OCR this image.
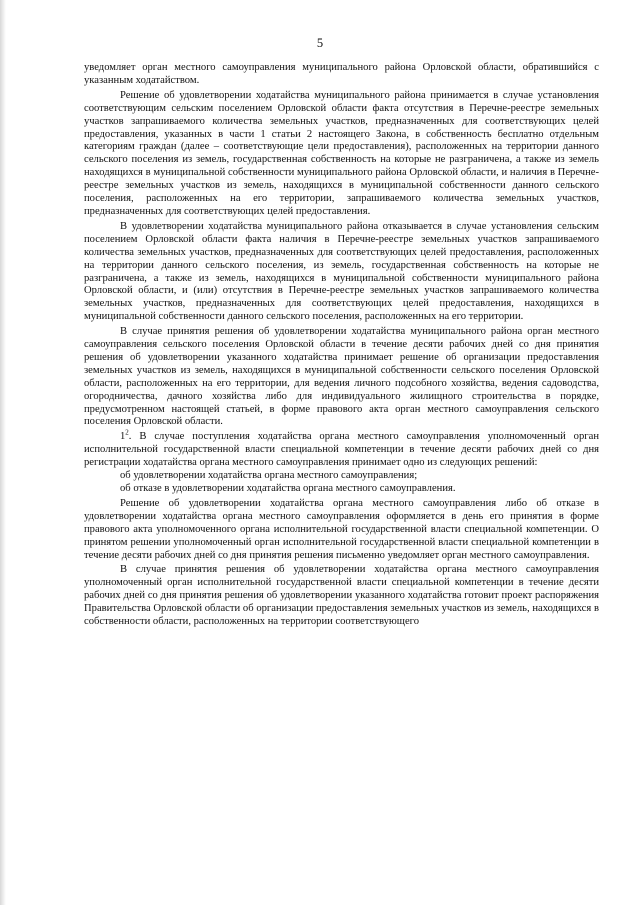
5

уведомляет орган местного самоуправления муниципального района Орловской области, обратившийся с указанным ходатайством.

Решение об удовлетворении ходатайства муниципального района принимается в случае установления соответствующим сельским поселением Орловской области факта отсутствия в Перечне-реестре земельных участков запрашиваемого количества земельных участков, предназначенных для соответствующих целей предоставления, указанных в части 1 статьи 2 настоящего Закона, в собственность бесплатно отдельным категориям граждан (далее – соответствующие цели предоставления), расположенных на территории данного сельского поселения из земель, государственная собственность на которые не разграничена, а также из земель находящихся в муниципальной собственности муниципального района Орловской области, и наличия в Перечне-реестре земельных участков из земель, находящихся в муниципальной собственности данного сельского поселения, расположенных на его территории, запрашиваемого количества земельных участков, предназначенных для соответствующих целей предоставления.

В удовлетворении ходатайства муниципального района отказывается в случае установления сельским поселением Орловской области факта наличия в Перечне-реестре земельных участков запрашиваемого количества земельных участков, предназначенных для соответствующих целей предоставления, расположенных на территории данного сельского поселения, из земель, государственная собственность на которые не разграничена, а также из земель, находящихся в муниципальной собственности муниципального района Орловской области, и (или) отсутствия в Перечне-реестре земельных участков запрашиваемого количества земельных участков, предназначенных для соответствующих целей предоставления, находящихся в муниципальной собственности данного сельского поселения, расположенных на его территории.

В случае принятия решения об удовлетворении ходатайства муниципального района орган местного самоуправления сельского поселения Орловской области в течение десяти рабочих дней со дня принятия решения об удовлетворении указанного ходатайства принимает решение об организации предоставления земельных участков из земель, находящихся в муниципальной собственности сельского поселения Орловской области, расположенных на его территории, для ведения личного подсобного хозяйства, ведения садоводства, огородничества, дачного хозяйства либо для индивидуального жилищного строительства в порядке, предусмотренном настоящей статьей, в форме правового акта орган местного самоуправления сельского поселения Орловской области.

$1^2$. В случае поступления ходатайства органа местного самоуправления уполномоченный орган исполнительной государственной власти специальной компетенции в течение десяти рабочих дней со дня регистрации ходатайства органа местного самоуправления принимает одно из следующих решений:

об удовлетворении ходатайства органа местного самоуправления;

об отказе в удовлетворении ходатайства органа местного самоуправления.

Решение об удовлетворении ходатайства органа местного самоуправления либо об отказе в удовлетворении ходатайства органа местного самоуправления оформляется в день его принятия в форме правового акта уполномоченного органа исполнительной государственной власти специальной компетенции. О принятом решении уполномоченный орган исполнительной государственной власти специальной компетенции в течение десяти рабочих дней со дня принятия решения письменно уведомляет орган местного самоуправления.

В случае принятия решения об удовлетворении ходатайства органа местного самоуправления уполномоченный орган исполнительной государственной власти специальной компетенции в течение десяти рабочих дней со дня принятия решения об удовлетворении указанного ходатайства готовит проект распоряжения Правительства Орловской области об организации предоставления земельных участков из земель, находящихся в собственности области, расположенных на территории соответствующего
